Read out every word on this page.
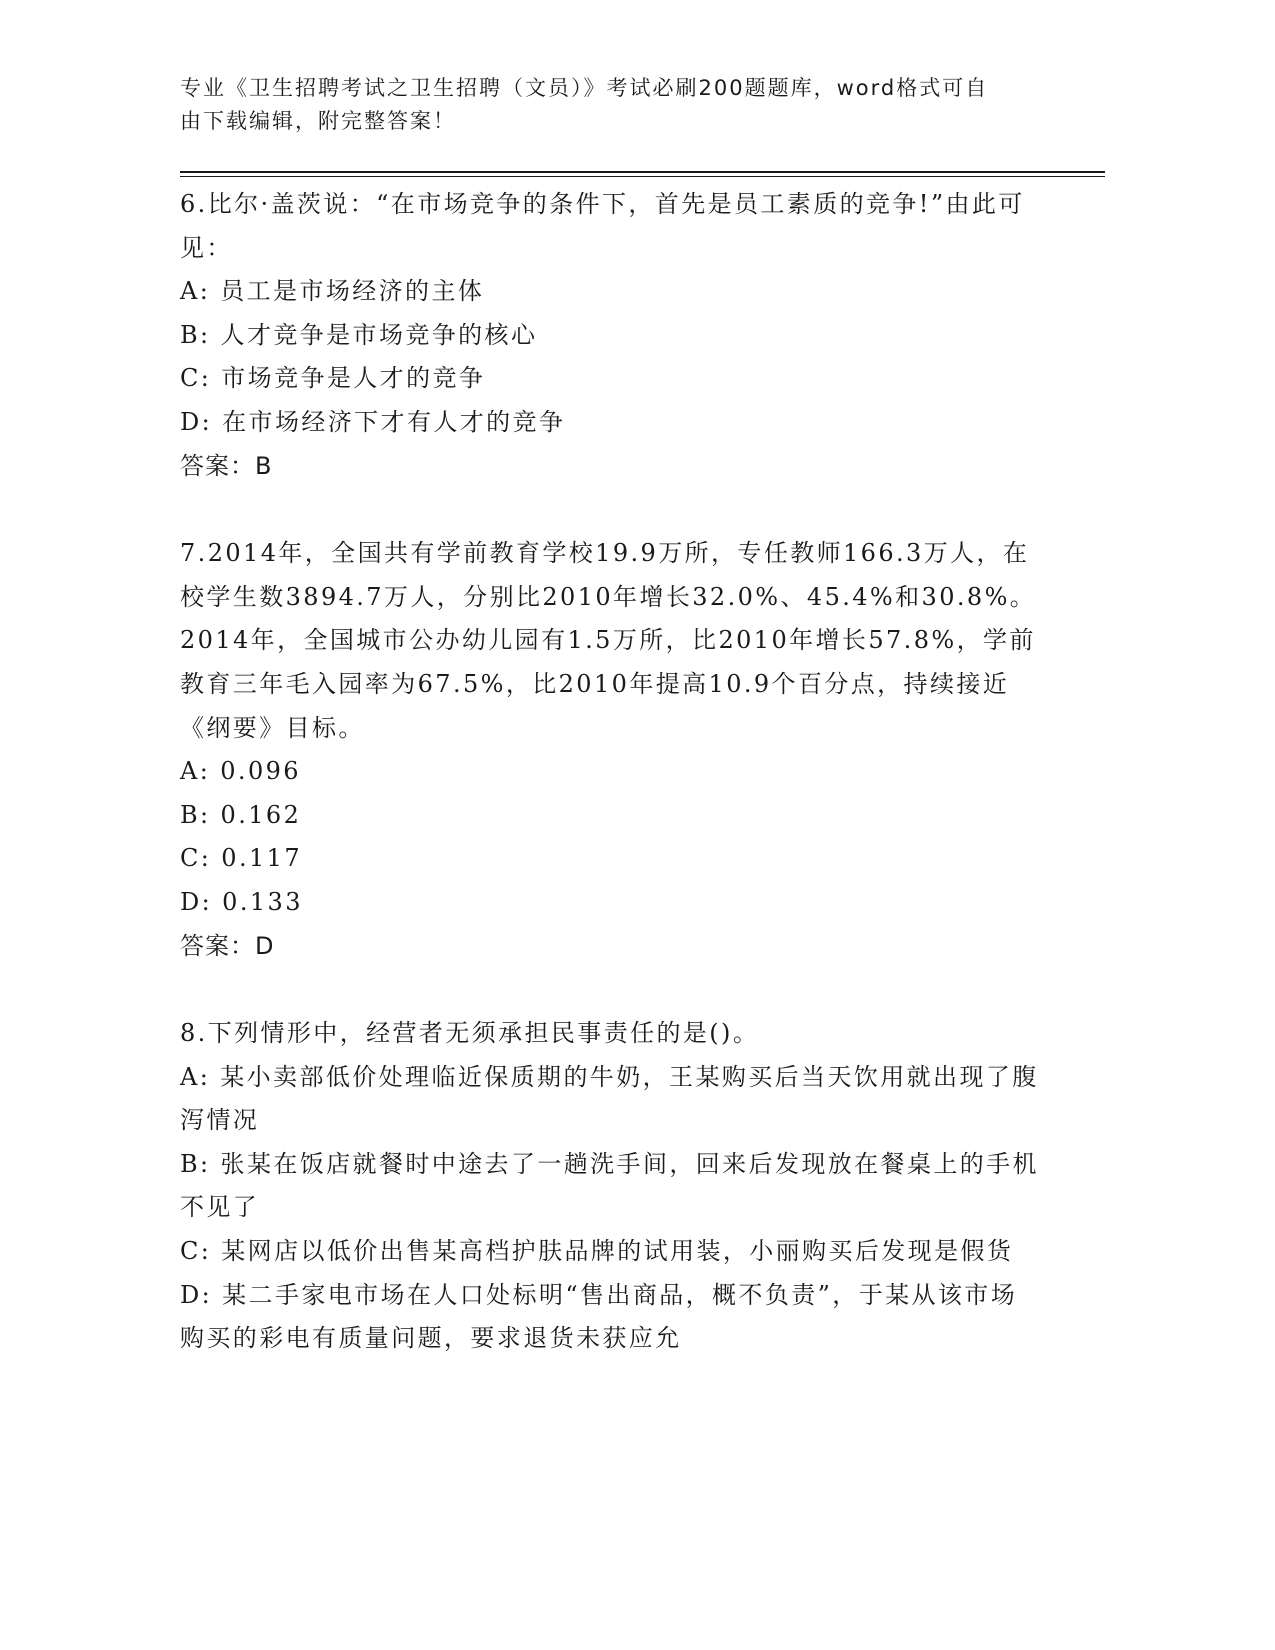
专业《卫生招聘考试之卫生招聘（文员）》考试必刷200题题库，word格式可自
由下载编辑，附完整答案！
6.比尔·盖茨说：“在市场竞争的条件下，首先是员工素质的竞争!”由此可见：
A: 员工是市场经济的主体
B: 人才竞争是市场竞争的核心
C: 市场竞争是人才的竞争
D: 在市场经济下才有人才的竞争
答案：B
7.2014年，全国共有学前教育学校19.9万所，专任教师166.3万人，在校学生数3894.7万人，分别比2010年增长32.0%、45.4%和30.8%。2014年，全国城市公办幼儿园有1.5万所，比2010年增长57.8%，学前教育三年毛入园率为67.5%，比2010年提高10.9个百分点，持续接近《纲要》目标。
A: 0.096
B: 0.162
C: 0.117
D: 0.133
答案：D
8.下列情形中，经营者无须承担民事责任的是()。
A: 某小卖部低价处理临近保质期的牛奶，王某购买后当天饮用就出现了腹泻情况
B: 张某在饭店就餐时中途去了一趟洗手间，回来后发现放在餐桌上的手机不见了
C: 某网店以低价出售某高档护肤品牌的试用装，小丽购买后发现是假货
D: 某二手家电市场在人口处标明“售出商品，概不负责”，于某从该市场购买的彩电有质量问题，要求退货未获应允
